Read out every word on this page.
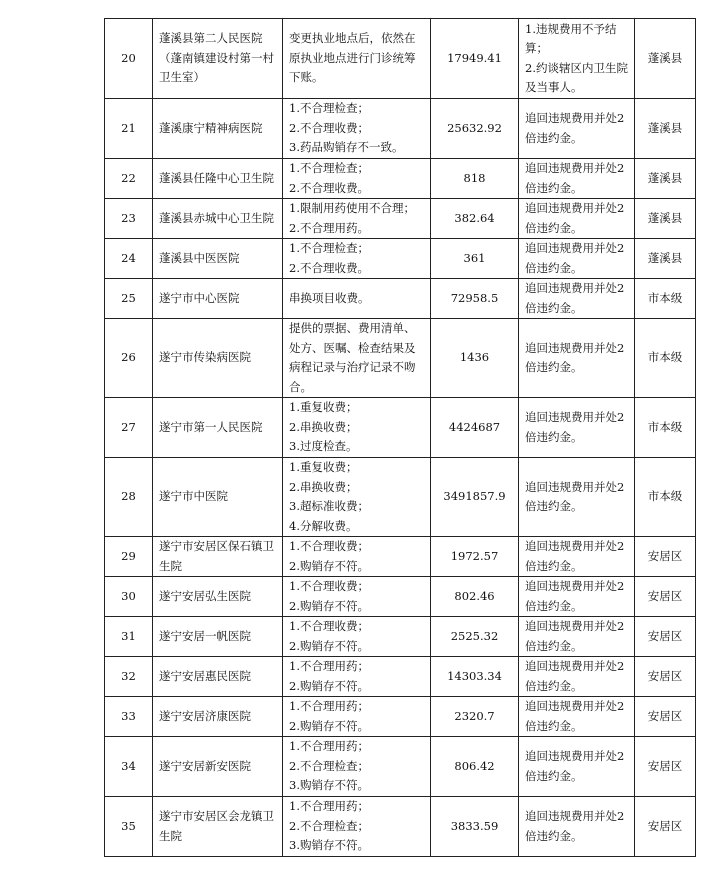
20	蓬溪县第二人民医院
（蓬南镇建设村第一村
卫生室）	变更执业地点后，依然在
原执业地点进行门诊统筹
下账。	17949.41	1.违规费用不予结
算；
2.约谈辖区内卫生院
及当事人。	蓬溪县
21	蓬溪康宁精神病医院	1.不合理检查；
2.不合理收费；
3.药品购销存不一致。	25632.92	追回违规费用并处2
倍违约金。	蓬溪县
22	蓬溪县任隆中心卫生院	1.不合理检查；
2.不合理收费。	818	追回违规费用并处2
倍违约金。	蓬溪县
23	蓬溪县赤城中心卫生院	1.限制用药使用不合理；
2.不合理用药。	382.64	追回违规费用并处2
倍违约金。	蓬溪县
24	蓬溪县中医医院	1.不合理检查；
2.不合理收费。	361	追回违规费用并处2
倍违约金。	蓬溪县
25	遂宁市中心医院	串换项目收费。	72958.5	追回违规费用并处2
倍违约金。	市本级
26	遂宁市传染病医院	提供的票据、费用清单、
处方、医嘱、检查结果及
病程记录与治疗记录不吻
合。	1436	追回违规费用并处2
倍违约金。	市本级
27	遂宁市第一人民医院	1.重复收费；
2.串换收费；
3.过度检查。	4424687	追回违规费用并处2
倍违约金。	市本级
28	遂宁市中医院	1.重复收费；
2.串换收费；
3.超标准收费；
4.分解收费。	3491857.9	追回违规费用并处2
倍违约金。	市本级
29	遂宁市安居区保石镇卫
生院	1.不合理收费；
2.购销存不符。	1972.57	追回违规费用并处2
倍违约金。	安居区
30	遂宁安居弘生医院	1.不合理收费；
2.购销存不符。	802.46	追回违规费用并处2
倍违约金。	安居区
31	遂宁安居一帆医院	1.不合理收费；
2.购销存不符。	2525.32	追回违规费用并处2
倍违约金。	安居区
32	遂宁安居惠民医院	1.不合理用药；
2.购销存不符。	14303.34	追回违规费用并处2
倍违约金。	安居区
33	遂宁安居济康医院	1.不合理用药；
2.购销存不符。	2320.7	追回违规费用并处2
倍违约金。	安居区
34	遂宁安居新安医院	1.不合理用药；
2.不合理检查；
3.购销存不符。	806.42	追回违规费用并处2
倍违约金。	安居区
35	遂宁市安居区会龙镇卫
生院	1.不合理用药；
2.不合理检查；
3.购销存不符。	3833.59	追回违规费用并处2
倍违约金。	安居区
